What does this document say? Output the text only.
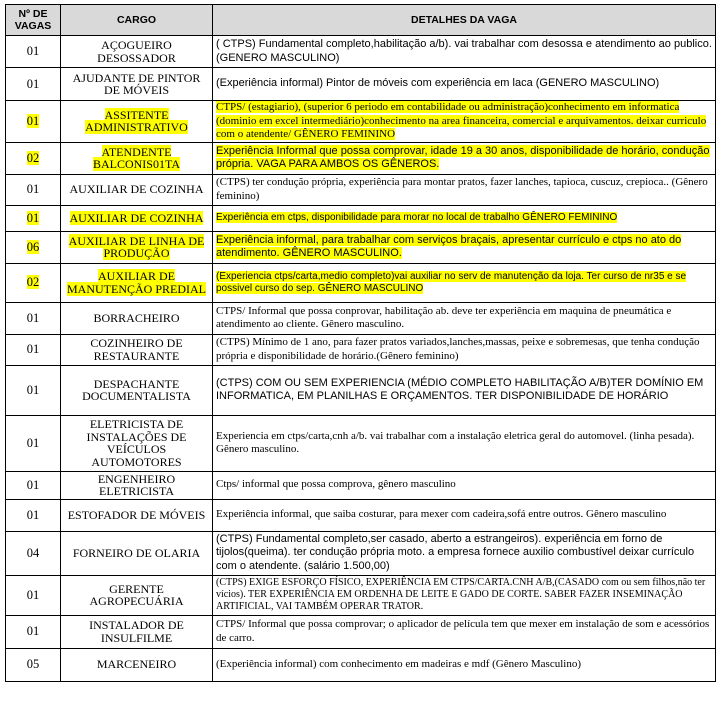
Nº DE
VAGAS	CARGO	DETALHES DA VAGA
01	AÇOGUEIRO DESOSSADOR	( CTPS) Fundamental completo,habilitação a/b). vai trabalhar com desossa e atendimento ao publico. (GENERO MASCULINO)
01	AJUDANTE DE PINTOR DE MÓVEIS	(Experiência informal) Pintor de móveis com experiência em laca (GENERO MASCULINO)
01	ASSITENTE ADMINISTRATIVO	CTPS/ (estagiario), (superior 6 periodo em contabilidade ou administração)conhecimento em informatica (dominio em excel intermediário)conhecimento na area financeira, comercial e arquivamentos. deixar curriculo com o atendente/ GÊNERO FEMININO
02	ATENDENTE BALCONIS01TA	Experiência Informal que possa comprovar, idade 19 a 30 anos, disponibilidade de horário, condução própria. VAGA PARA AMBOS OS GÊNEROS.
01	AUXILIAR DE COZINHA	(CTPS) ter condução própria, experiência para montar pratos, fazer lanches, tapioca, cuscuz, crepioca.. (Gênero feminino)
01	AUXILIAR DE COZINHA	Experiência em ctps, disponibilidade para morar no local de trabalho GÊNERO FEMININO
06	AUXILIAR DE LINHA DE PRODUÇÃO	Experiência informal, para trabalhar com serviços braçais, apresentar currículo e ctps no ato do atendimento. GÊNERO MASCULINO.
02	AUXILIAR DE MANUTENÇÃO PREDIAL	(Experiencia ctps/carta,medio completo)vai auxiliar no serv de manutenção da loja. Ter curso de nr35 e se possivel curso do sep. GÊNERO MASCULINO
01	BORRACHEIRO	CTPS/ Informal que possa conprovar, habilitação ab. deve ter experiência em maquina de pneumática e atendimento ao cliente. Gênero masculino.
01	COZINHEIRO DE RESTAURANTE	(CTPS) Mínimo de 1 ano, para fazer pratos variados,lanches,massas, peixe e sobremesas, que tenha condução própria e disponibilidade de horário.(Gênero feminino)
01	DESPACHANTE DOCUMENTALISTA	(CTPS) COM OU SEM EXPERIENCIA (MÉDIO COMPLETO HABILITAÇÃO A/B)TER DOMÍNIO EM INFORMATICA, EM PLANILHAS E ORÇAMENTOS. TER DISPONIBILIDADE DE HORÁRIO
01	ELETRICISTA DE INSTALAÇÕES DE VEÍCULOS AUTOMOTORES	Experiencia em ctps/carta,cnh a/b. vai trabalhar com a instalação eletrica geral do automovel. (linha pesada). Gênero masculino.
01	ENGENHEIRO ELETRICISTA	Ctps/ informal que possa comprova, gênero masculino
01	ESTOFADOR DE MÓVEIS	Experiência informal, que saiba costurar, para mexer com cadeira,sofá entre outros. Gênero masculino
04	FORNEIRO DE OLARIA	(CTPS) Fundamental completo,ser casado, aberto a estrangeiros). experiência em forno de tijolos(queima). ter condução própria moto. a empresa fornece auxilio combustível deixar currículo com o atendente. (salário 1.500,00)
01	GERENTE AGROPECUÁRIA	(CTPS) EXIGE ESFORÇO FÍSICO, EXPERIÊNCIA EM CTPS/CARTA.CNH A/B,(CASADO com ou sem filhos,não ter vícios). TER EXPERIÊNCIA EM ORDENHA DE LEITE E GADO DE CORTE. SABER FAZER INSEMINAÇÃO ARTIFICIAL, VAI TAMBÉM OPERAR TRATOR.
01	INSTALADOR DE INSULFILME	CTPS/ Informal que possa comprovar; o aplicador de película tem que mexer em instalação de som e acessórios de carro.
05	MARCENEIRO	(Experiência informal) com conhecimento em madeiras e mdf (Gênero Masculino)
